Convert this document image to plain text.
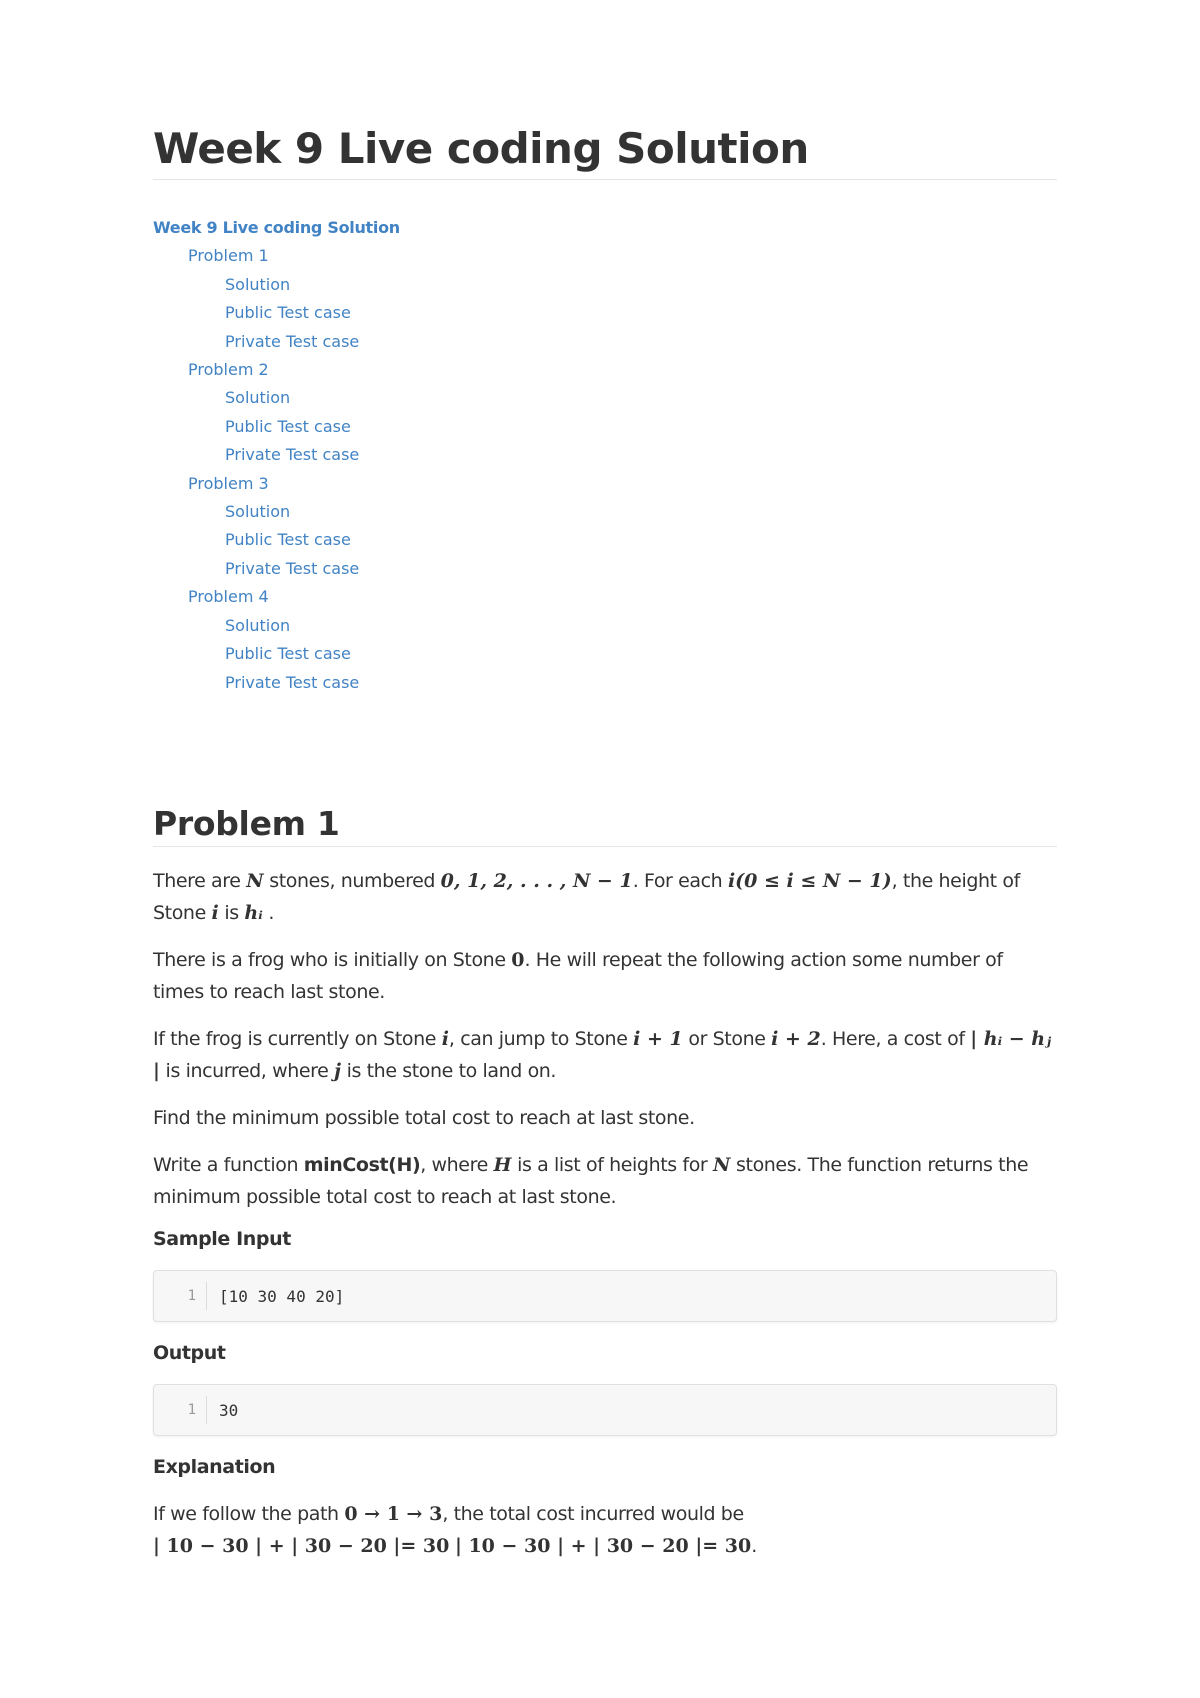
Week 9 Live coding Solution
Week 9 Live coding Solution
Problem 1
Solution
Public Test case
Private Test case
Problem 2
Solution
Public Test case
Private Test case
Problem 3
Solution
Public Test case
Private Test case
Problem 4
Solution
Public Test case
Private Test case
Problem 1

There are N stones, numbered 0, 1, 2, . . . , N − 1. For each i(0 ≤ i ≤ N − 1), the height of Stone i is hᵢ .

There is a frog who is initially on Stone 0. He will repeat the following action some number of times to reach last stone.

If the frog is currently on Stone i, can jump to Stone i + 1 or Stone i + 2. Here, a cost of | hᵢ − hⱼ | is incurred, where j is the stone to land on.

Find the minimum possible total cost to reach at last stone.

Write a function minCost(H), where H is a list of heights for N stones. The function returns the minimum possible total cost to reach at last stone.

Sample Input
1	[10 30 40 20]
Output
1	30
Explanation

If we follow the path 0 → 1 → 3, the total cost incurred would be
| 10 − 30 | + | 30 − 20 |= 30 | 10 − 30 | + | 30 − 20 |= 30.
